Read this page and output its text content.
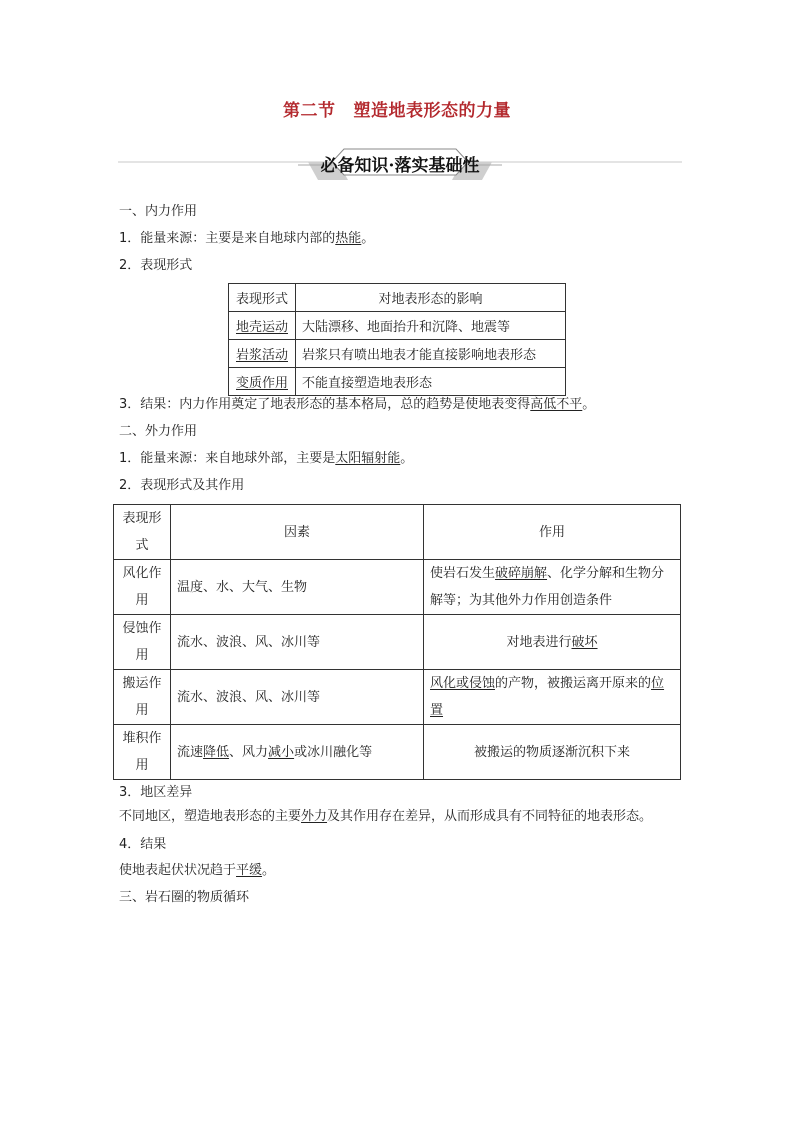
第二节 塑造地表形态的力量
必备知识·落实基础性
一、内力作用
1．能量来源：主要是来自地球内部的热能。
2．表现形式
表现形式	对地表形态的影响
地壳运动	大陆漂移、地面抬升和沉降、地震等
岩浆活动	岩浆只有喷出地表才能直接影响地表形态
变质作用	不能直接塑造地表形态
3．结果：内力作用奠定了地表形态的基本格局，总的趋势是使地表变得高低不平。
二、外力作用
1．能量来源：来自地球外部，主要是太阳辐射能。
2．表现形式及其作用
表现形式	因素	作用
风化作用	温度、水、大气、生物	使岩石发生破碎崩解、化学分解和生物分解等；为其他外力作用创造条件
侵蚀作用	流水、波浪、风、冰川等	对地表进行破坏
搬运作用	流水、波浪、风、冰川等	风化或侵蚀的产物，被搬运离开原来的位置
堆积作用	流速降低、风力减小或冰川融化等	被搬运的物质逐渐沉积下来
3．地区差异
不同地区，塑造地表形态的主要外力及其作用存在差异，从而形成具有不同特征的地表形态。
4．结果
使地表起伏状况趋于平缓。
三、岩石圈的物质循环
